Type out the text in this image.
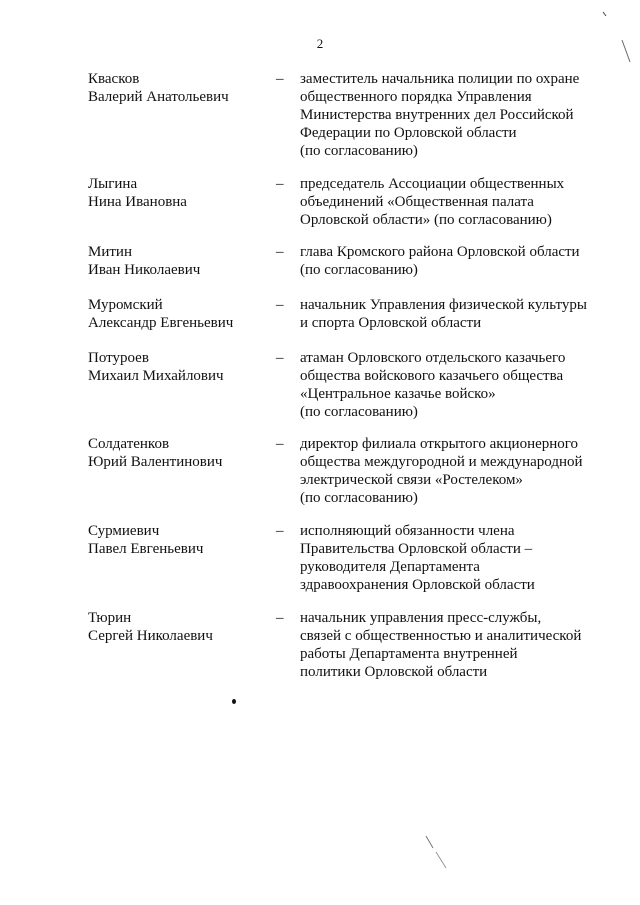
2
Квасков
Валерий Анатольевич
– заместитель начальника полиции по охране
общественного порядка Управления
Министерства внутренних дел Российской
Федерации по Орловской области
(по согласованию)
Лыгина
Нина Ивановна
– председатель Ассоциации общественных
объединений «Общественная палата
Орловской области» (по согласованию)
Митин
Иван Николаевич
– глава Кромского района Орловской области
(по согласованию)
Муромский
Александр Евгеньевич
– начальник Управления физической культуры
и спорта Орловской области
Потуроев
Михаил Михайлович
– атаман Орловского отдельского казачьего
общества войскового казачьего общества
«Центральное казачье войско»
(по согласованию)
Солдатенков
Юрий Валентинович
– директор филиала открытого акционерного
общества междугородной и международной
электрической связи «Ростелеком»
(по согласованию)
Сурмиевич
Павел Евгеньевич
– исполняющий обязанности члена
Правительства Орловской области –
руководителя Департамента
здравоохранения Орловской области
Тюрин
Сергей Николаевич
– начальник управления пресс-службы,
связей с общественностью и аналитической
работы Департамента внутренней
политики Орловской области
